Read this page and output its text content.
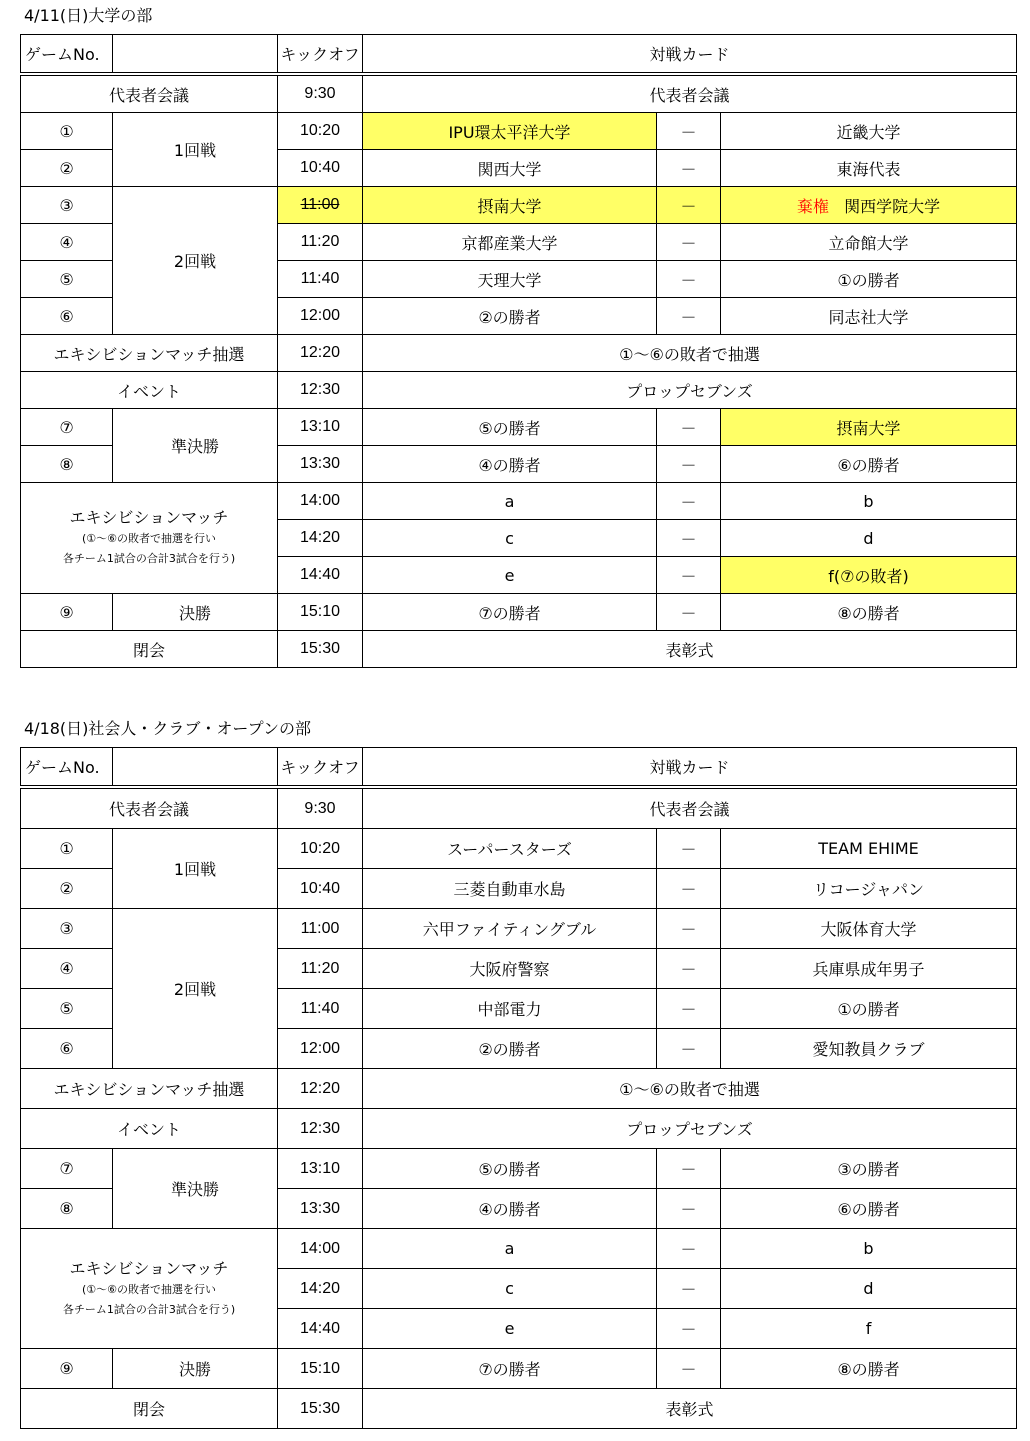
4/11(日)大学の部
ゲームNo.		キックオフ	対戦カード		
代表者会議		9:30	代表者会議		
①	1回戦	10:20	IPU環太平洋大学	－	近畿大学
②		10:40	関西大学	－	東海代表
③	2回戦	11:00	摂南大学	－	棄権 関西学院大学
④		11:20	京都産業大学	－	立命館大学
⑤		11:40	天理大学	－	①の勝者
⑥		12:00	②の勝者	－	同志社大学
エキシビションマッチ抽選		12:20	①～⑥の敗者で抽選		
イベント		12:30	プロップセブンズ		
⑦	準決勝	13:10	⑤の勝者	－	摂南大学
⑧		13:30	④の勝者	－	⑥の勝者

エキシビションマッチ
(①～⑥の敗者で抽選を行い
各チーム1試合の合計3試合を行う)		14:00	a	－	b
		14:20	c	－	d
		14:40	e	－	f(⑦の敗者)
⑨	決勝	15:10	⑦の勝者	－	⑧の勝者
閉会		15:30	表彰式		
4/18(日)社会人・クラブ・オープンの部
ゲームNo.		キックオフ	対戦カード		
代表者会議		9:30	代表者会議		
①	1回戦	10:20	スーパースターズ	－	TEAM EHIME
②		10:40	三菱自動車水島	－	リコージャパン
③	2回戦	11:00	六甲ファイティングブル	－	大阪体育大学
④		11:20	大阪府警察	－	兵庫県成年男子
⑤		11:40	中部電力	－	①の勝者
⑥		12:00	②の勝者	－	愛知教員クラブ
エキシビションマッチ抽選		12:20	①～⑥の敗者で抽選		
イベント		12:30	プロップセブンズ		
⑦	準決勝	13:10	⑤の勝者	－	③の勝者
⑧		13:30	④の勝者	－	⑥の勝者

エキシビションマッチ
(①～⑥の敗者で抽選を行い
各チーム1試合の合計3試合を行う)		14:00	a	－	b
		14:20	c	－	d
		14:40	e	－	f
⑨	決勝	15:10	⑦の勝者	－	⑧の勝者
閉会		15:30	表彰式		
